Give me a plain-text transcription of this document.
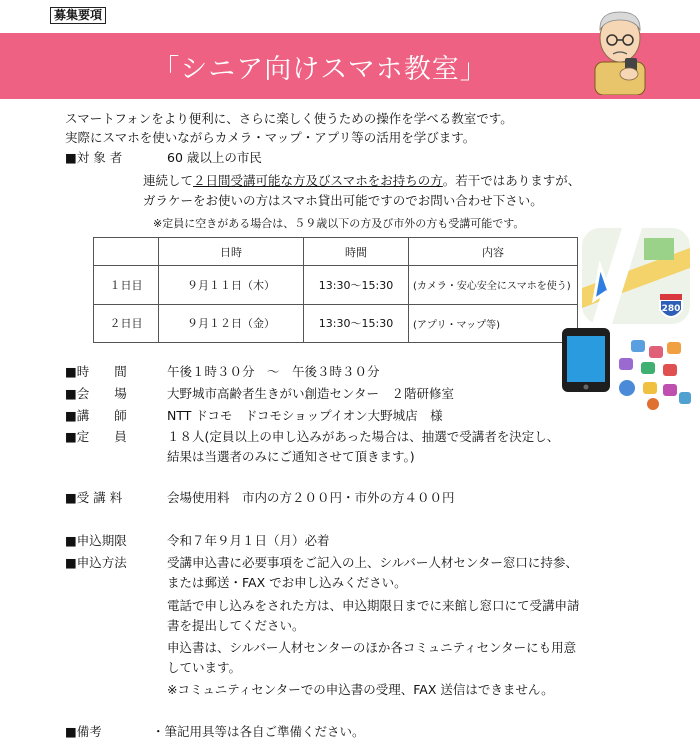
募集要項
「シニア向けスマホ教室」
スマートフォンをより便利に、さらに楽しく使うための操作を学べる教室です。
実際にスマホを使いながらカメラ・マップ・アプリ等の活用を学びます。
■対 象 者	60 歳以上の市民
連続して２日間受講可能な方及びスマホをお持ちの方。若干ではありますが、
ガラケーをお使いの方はスマホ貸出可能ですのでお問い合わせ下さい。
※定員に空きがある場合は、５９歳以下の方及び市外の方も受講可能です。
	日時	時間	内容
１日目	９月１１日（木）	13:30～15:30	(カメラ・安心安全にスマホを使う)
２日目	９月１２日（金）	13:30～15:30	(アプリ・マップ等)
280
■時　　間	午後１時３０分　～　午後３時３０分
■会　　場	大野城市高齢者生きがい創造センター　２階研修室
■講　　師	NTT ドコモ　ドコモショップイオン大野城店　様
■定　　員	１８人(定員以上の申し込みがあった場合は、抽選で受講者を決定し、
結果は当選者のみにご通知させて頂きます。)
■受 講 料	会場使用料　市内の方２００円・市外の方４００円
■申込期限	令和７年９月１日（月）必着
■申込方法	受講申込書に必要事項をご記入の上、シルバー人材センター窓口に持参、
または郵送・FAX でお申し込みください。
電話で申し込みをされた方は、申込期限日までに来館し窓口にて受講申請
書を提出してください。
申込書は、シルバー人材センターのほか各コミュニティセンターにも用意
しています。
※コミュニティセンターでの申込書の受理、FAX 送信はできません。
■備考	・筆記用具等は各自ご準備ください。
